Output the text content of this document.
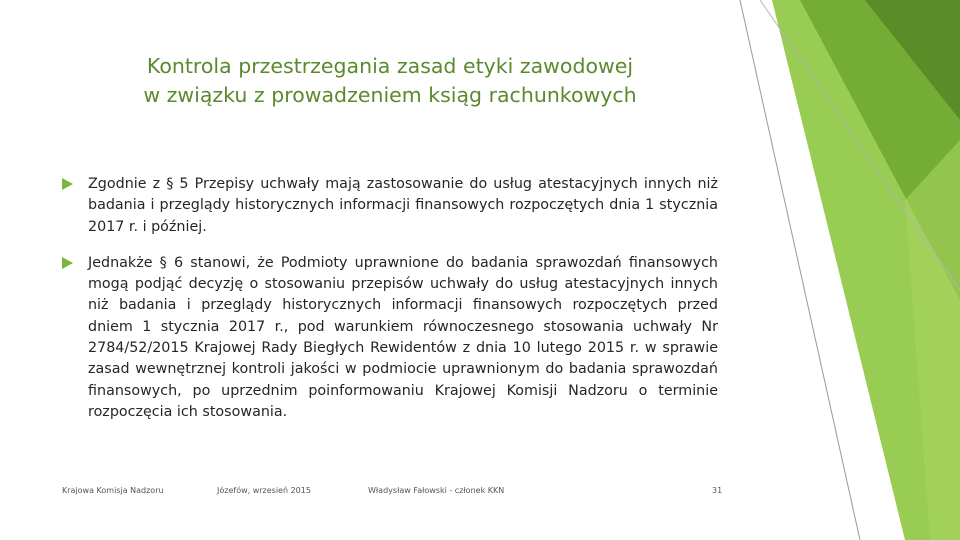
Kontrola przestrzegania zasad etyki zawodowej
w związku z prowadzeniem ksiąg rachunkowych
Zgodnie z § 5 Przepisy uchwały mają zastosowanie do usług atestacyjnych innych niż badania i przeglądy historycznych informacji finansowych rozpoczętych dnia 1 stycznia 2017 r. i później.
Jednakże § 6 stanowi, że Podmioty uprawnione do badania sprawozdań finansowych mogą podjąć decyzję o stosowaniu przepisów uchwały do usług atestacyjnych innych niż badania i przeglądy historycznych informacji finansowych rozpoczętych przed dniem 1 stycznia 2017 r., pod warunkiem równoczesnego stosowania uchwały Nr 2784/52/2015 Krajowej Rady Biegłych Rewidentów z dnia 10 lutego 2015 r. w sprawie zasad wewnętrznej kontroli jakości w podmiocie uprawnionym do badania sprawozdań finansowych, po uprzednim poinformowaniu Krajowej Komisji Nadzoru o terminie rozpoczęcia ich stosowania.
Krajowa Komisja Nadzoru	Józefów, wrzesień 2015	Władysław Fałowski - członek KKN	31
